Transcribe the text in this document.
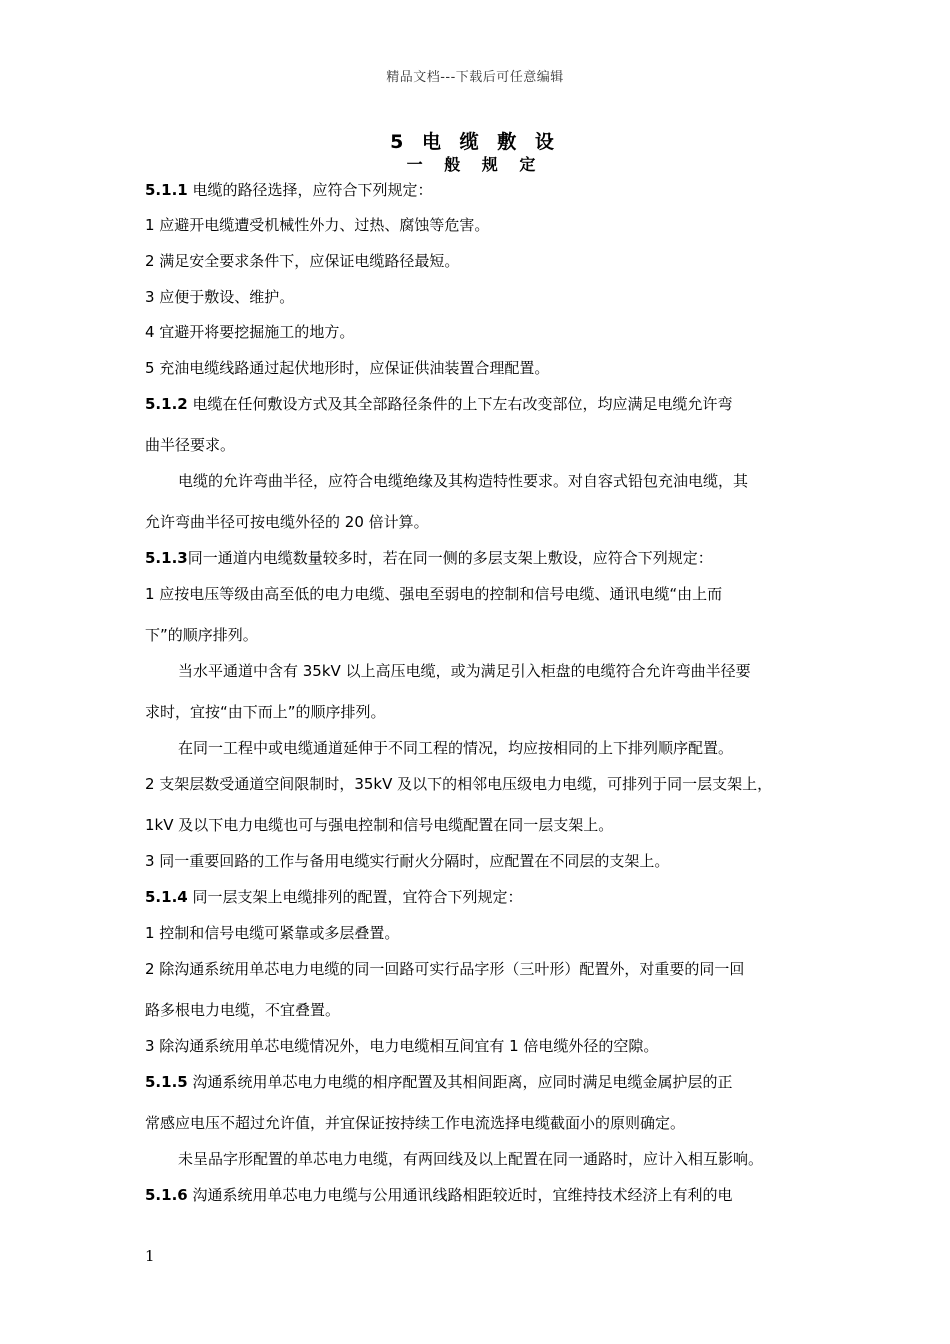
精品文档---下载后可任意编辑
5 电 缆 敷 设
一 般 规 定
5.1.1 电缆的路径选择，应符合下列规定：
1 应避开电缆遭受机械性外力、过热、腐蚀等危害。
2 满足安全要求条件下，应保证电缆路径最短。
3 应便于敷设、维护。
4 宜避开将要挖掘施工的地方。
5 充油电缆线路通过起伏地形时，应保证供油装置合理配置。
5.1.2 电缆在任何敷设方式及其全部路径条件的上下左右改变部位，均应满足电缆允许弯
曲半径要求。
电缆的允许弯曲半径，应符合电缆绝缘及其构造特性要求。对自容式铅包充油电缆，其
允许弯曲半径可按电缆外径的 20 倍计算。
5.1.3同一通道内电缆数量较多时，若在同一侧的多层支架上敷设，应符合下列规定：
1 应按电压等级由高至低的电力电缆、强电至弱电的控制和信号电缆、通讯电缆“由上而
下”的顺序排列。
当水平通道中含有 35kV 以上高压电缆，或为满足引入柜盘的电缆符合允许弯曲半径要
求时，宜按“由下而上”的顺序排列。
在同一工程中或电缆通道延伸于不同工程的情况，均应按相同的上下排列顺序配置。
2 支架层数受通道空间限制时，35kV 及以下的相邻电压级电力电缆，可排列于同一层支架上，
1kV 及以下电力电缆也可与强电控制和信号电缆配置在同一层支架上。
3 同一重要回路的工作与备用电缆实行耐火分隔时，应配置在不同层的支架上。
5.1.4 同一层支架上电缆排列的配置，宜符合下列规定：
1 控制和信号电缆可紧靠或多层叠置。
2 除沟通系统用单芯电力电缆的同一回路可实行品字形（三叶形）配置外，对重要的同一回
路多根电力电缆，不宜叠置。
3 除沟通系统用单芯电缆情况外，电力电缆相互间宜有 1 倍电缆外径的空隙。
5.1.5 沟通系统用单芯电力电缆的相序配置及其相间距离，应同时满足电缆金属护层的正
常感应电压不超过允许值，并宜保证按持续工作电流选择电缆截面小的原则确定。
未呈品字形配置的单芯电力电缆，有两回线及以上配置在同一通路时，应计入相互影响。
5.1.6 沟通系统用单芯电力电缆与公用通讯线路相距较近时，宜维持技术经济上有利的电
1
